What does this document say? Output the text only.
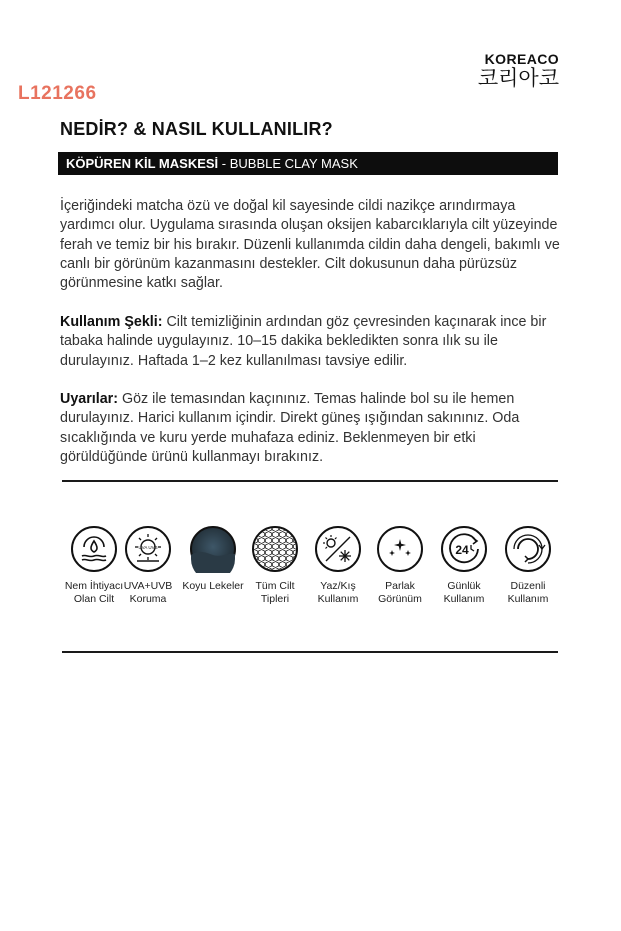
L121266
KOREACO
코리아코
NEDİR? & NASIL KULLANILIR?
KÖPÜREN KİL MASKESİ - BUBBLE CLAY MASK
İçeriğindeki matcha özü ve doğal kil sayesinde cildi nazikçe arındırmaya yardımcı olur. Uygulama sırasında oluşan oksijen kabarcıklarıyla cilt yüzeyinde ferah ve temiz bir his bırakır. Düzenli kullanımda cildin daha dengeli, bakımlı ve canlı bir görünüm kazanmasını destekler. Cilt dokusunun daha pürüzsüz görünmesine katkı sağlar.
Kullanım Şekli: Cilt temizliğinin ardından göz çevresinden kaçınarak ince bir tabaka halinde uygulayınız. 10–15 dakika bekledikten sonra ılık su ile durulayınız. Haftada 1–2 kez kullanılması tavsiye edilir.
Uyarılar: Göz ile temasından kaçınınız. Temas halinde bol su ile hemen durulayınız. Harici kullanım içindir. Direkt güneş ışığından sakınınız. Oda sıcaklığında ve kuru yerde muhafaza ediniz. Beklenmeyen bir etki görüldüğünde ürünü kullanmayı bırakınız.
Nem İhtiyacı Olan Cilt
UVA UVB
UVA+UVB Koruma
Koyu Lekeler	Tüm Cilt Tipleri
Yaz/Kış Kullanım
Parlak Görünüm
24
Günlük Kullanım
Düzenli Kullanım
